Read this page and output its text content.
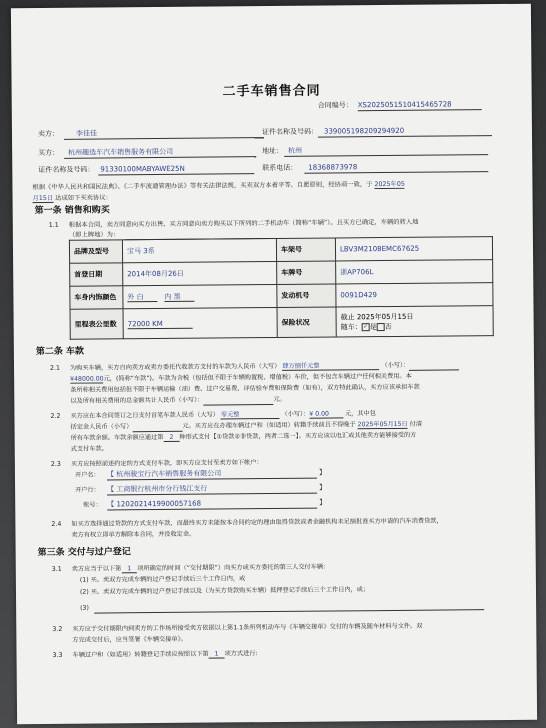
二手车销售合同
合同编号： XS2025051510415465728
卖方：	李佳佳	证件名称及号码： 339005198209294920
买方：	杭州趣选车汽车销售服务有限公司	地址： 杭州
证件名称及号码： 91330100MABYAWE25N	联系电话：	18368873978
根据《中华人民共和国民法典》、《二手车流通管理办法》等有关法律法规，买卖双方本着平等、自愿原则，经协商一致，于 2025年05
月15日 达成如下买卖协议：
第一条 销售和购买
1.1 根据本合同，卖方同意向买方出售、买方同意向卖方购买以下所列的二手机动车（简称“车辆”）。且买方已确定，车辆的转入地
（即上牌地）为：

品牌及型号	宝马 3系	车架号	LBV3M2108EMC67625
首登日期	2014年08月26日	车牌号	浙AP706L
车身内饰颜色	外 白 内 黑	发动机号	0091D429
里程表公里数	72000 KM	保险状况	截止 2025年05月15日
随车：✓是 否
第二条 车款
2.1 为购买车辆，买方自向卖方或卖方委托代收款方支付的车款为人民币（大写） 肆万捌仟元整	（小写）：
¥48000.00元，(简称“车款”)。车款为含税（包括但不限于车辆购置税、增值税）车价，但不包含车辆过户任何相关费用。本
条所称相关费用包括但不限于车辆运输（油）费、过户交易费、评估验车费和保险费（如有），双方特此确认，买方应该承担车款
以及所有相关费用的总金额共计人民币（小写）：	元。
2.2 买方应在本合同签订之日支付首笔车款人民币（大写） 零元整	（小写）：¥ 0.00	元，其中包
括定金人民币（小写）	元。买方应在办理车辆过户和（如适用）转籍手续前且不得晚于 2025年05月15日 付清
所有车款余额。车款余额应通过第 2 种形式支付【①贷款②非贷款，两者二选一】。买方应该以电汇或其他卖方能够接受的方
式支付车款。
2.3 买方应按照前述约定的方式支付车款，即买方应支付至卖方如下帐户：
开户名： 【 杭州骏宝行汽车销售服务有限公司	】
开户行： 【 工商银行杭州市分行钱江支行	】
账号： 【 1202021419900057168	】
2.4 如买方选择通过贷款的方式支付车款，而最终买方未能按本合同约定的理由取得贷款或者金融机构未足额批准买方申请的汽车消费贷款，
卖方有权立即单方解除本合同，并没收定金。
第三条 交付与过户登记
3.1 卖方应当于以下第 1 项所确定的时间（“交付期限”）向买方或买方委托的第三人交付车辆：
(1) 买、卖双方完成车辆的过户登记手续后三个工作日内，或
(2) 买、卖双方完成车辆的过户登记手续以及（为买方贷款购买车辆）抵押登记手续后三个工作日内，或；
(3)

3.2 买方应于交付期限内到卖方的工作场所接受卖方依据以上第1.1条所列机动车与《车辆交接单》交付的车辆及随车材料与文件。双
方完成交付后，应当签署《车辆交接单》。
3.3 车辆过户和（如适用）转籍登记手续应按照以下第 1 项方式进行:
